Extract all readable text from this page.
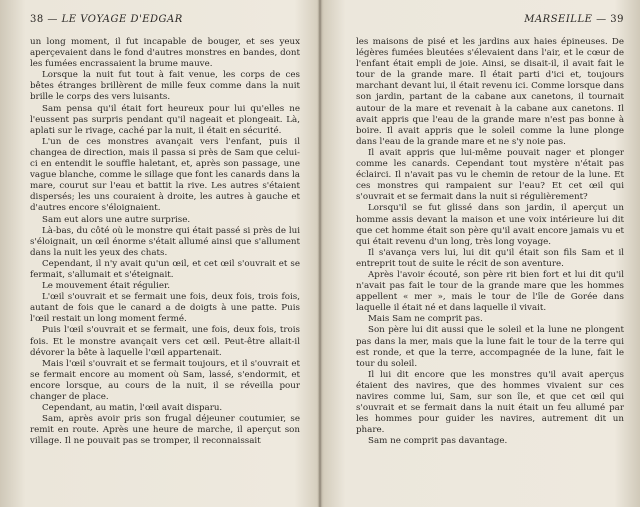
38 — LE VOYAGE D'EDGAR

un long moment, il fut incapable de bouger, et ses yeux aperçevaient dans le fond d'autres monstres en bandes, dont les fumées encrassaient la brume mauve.

Lorsque la nuit fut tout à fait venue, les corps de ces bêtes étranges brillèrent de mille feux comme dans la nuit brille le corps des vers luisants.

Sam pensa qu'il était fort heureux pour lui qu'elles ne l'eussent pas surpris pendant qu'il nageait et plongeait. Là, aplati sur le rivage, caché par la nuit, il était en sécurité.

L'un de ces monstres avançait vers l'enfant, puis il changea de direction, mais il passa si près de Sam que celui-ci en entendit le souffle haletant, et, après son passage, une vague blanche, comme le sillage que font les canards dans la mare, courut sur l'eau et battit la rive. Les autres s'étaient dispersés; les uns couraient à droite, les autres à gauche et d'autres encore s'éloignaient.

Sam eut alors une autre surprise.

Là-bas, du côté où le monstre qui était passé si près de lui s'éloignait, un œil énorme s'était allumé ainsi que s'allument dans la nuit les yeux des chats.

Cependant, il n'y avait qu'un œil, et cet œil s'ouvrait et se fermait, s'allumait et s'éteignait.

Le mouvement était régulier.

L'œil s'ouvrait et se fermait une fois, deux fois, trois fois, autant de fois que le canard a de doigts à une patte. Puis l'œil restait un long moment fermé.

Puis l'œil s'ouvrait et se fermait, une fois, deux fois, trois fois. Et le monstre avançait vers cet œil. Peut-être allait-il dévorer la bête à laquelle l'œil appartenait.

Mais l'œil s'ouvrait et se fermait toujours, et il s'ouvrait et se fermait encore au moment où Sam, lassé, s'endormit, et encore lorsque, au cours de la nuit, il se réveilla pour changer de place.

Cependant, au matin, l'œil avait disparu.

Sam, après avoir pris son frugal déjeuner coutumier, se remit en route. Après une heure de marche, il aperçut son village. Il ne pouvait pas se tromper, il reconnaissait

MARSEILLE — 39

les maisons de pisé et les jardins aux haies épineuses. De légères fumées bleutées s'élevaient dans l'air, et le cœur de l'enfant était empli de joie. Ainsi, se disait-il, il avait fait le tour de la grande mare. Il était parti d'ici et, toujours marchant devant lui, il était revenu ici. Comme lorsque dans son jardin, partant de la cabane aux canetons, il tournait autour de la mare et revenait à la cabane aux canetons. Il avait appris que l'eau de la grande mare n'est pas bonne à boire. Il avait appris que le soleil comme la lune plonge dans l'eau de la grande mare et ne s'y noie pas.

Il avait appris que lui-même pouvait nager et plonger comme les canards. Cependant tout mystère n'était pas éclairci. Il n'avait pas vu le chemin de retour de la lune. Et ces monstres qui rampaient sur l'eau? Et cet œil qui s'ouvrait et se fermait dans la nuit si régulièrement?

Lorsqu'il se fut glissé dans son jardin, il aperçut un homme assis devant la maison et une voix intérieure lui dit que cet homme était son père qu'il avait encore jamais vu et qui était revenu d'un long, très long voyage.

Il s'avança vers lui, lui dit qu'il était son fils Sam et il entreprit tout de suite le récit de son aventure.

Après l'avoir écouté, son père rit bien fort et lui dit qu'il n'avait pas fait le tour de la grande mare que les hommes appellent « mer », mais le tour de l'île de Gorée dans laquelle il était né et dans laquelle il vivait.

Mais Sam ne comprit pas.

Son père lui dit aussi que le soleil et la lune ne plongent pas dans la mer, mais que la lune fait le tour de la terre qui est ronde, et que la terre, accompagnée de la lune, fait le tour du soleil.

Il lui dit encore que les monstres qu'il avait aperçus étaient des navires, que des hommes vivaient sur ces navires comme lui, Sam, sur son île, et que cet œil qui s'ouvrait et se fermait dans la nuit était un feu allumé par les hommes pour guider les navires, autrement dit un phare.

Sam ne comprit pas davantage.
